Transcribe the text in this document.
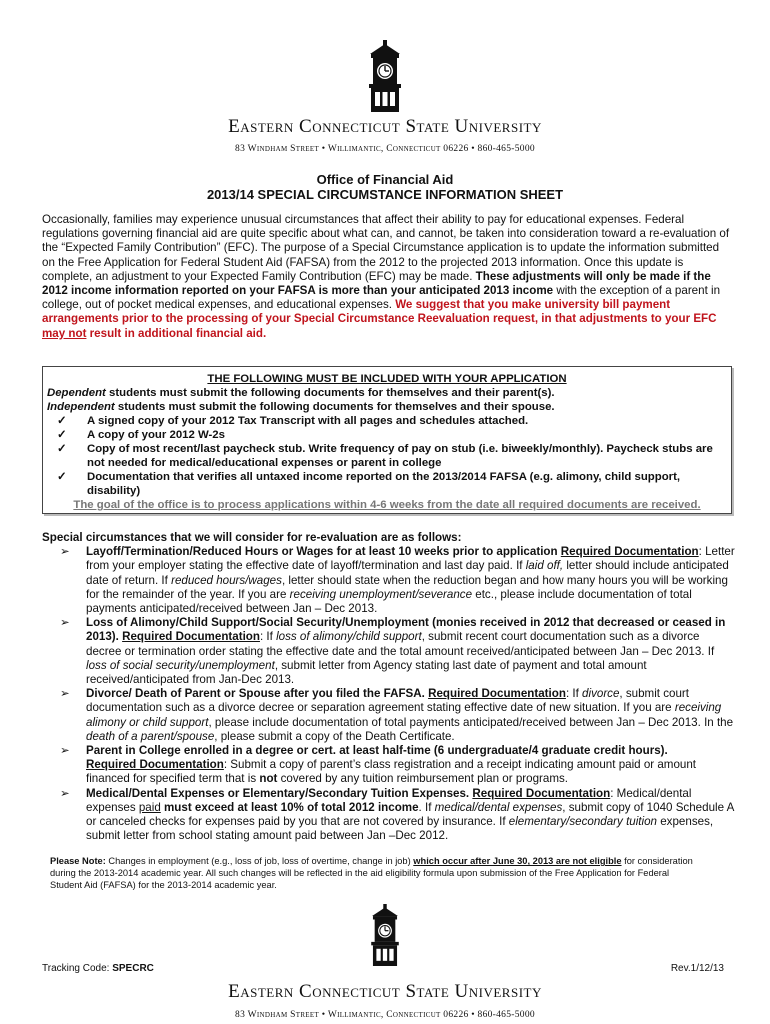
Eastern Connecticut State University
83 Windham Street • Willimantic, Connecticut 06226 • 860-465-5000
Office of Financial Aid
2013/14 SPECIAL CIRCUMSTANCE INFORMATION SHEET
Occasionally, families may experience unusual circumstances that affect their ability to pay for educational expenses. Federal regulations governing financial aid are quite specific about what can, and cannot, be taken into consideration toward a re-evaluation of the “Expected Family Contribution” (EFC). The purpose of a Special Circumstance application is to update the information submitted on the Free Application for Federal Student Aid (FAFSA) from the 2012 to the projected 2013 information. Once this update is complete, an adjustment to your Expected Family Contribution (EFC) may be made. These adjustments will only be made if the 2012 income information reported on your FAFSA is more than your anticipated 2013 income with the exception of a parent in college, out of pocket medical expenses, and educational expenses. We suggest that you make university bill payment arrangements prior to the processing of your Special Circumstance Reevaluation request, in that adjustments to your EFC may not result in additional financial aid.
THE FOLLOWING MUST BE INCLUDED WITH YOUR APPLICATION
Dependent students must submit the following documents for themselves and their parent(s).
Independent students must submit the following documents for themselves and their spouse.
✓	A signed copy of your 2012 Tax Transcript with all pages and schedules attached.
✓	A copy of your 2012 W-2s
✓	Copy of most recent/last paycheck stub. Write frequency of pay on stub (i.e. biweekly/monthly). Paycheck stubs are not needed for medical/educational expenses or parent in college
✓	Documentation that verifies all untaxed income reported on the 2013/2014 FAFSA (e.g. alimony, child support, disability)
The goal of the office is to process applications within 4-6 weeks from the date all required documents are received.
Special circumstances that we will consider for re-evaluation are as follows:
➢	Layoff/Termination/Reduced Hours or Wages for at least 10 weeks prior to application Required Documentation: Letter from your employer stating the effective date of layoff/termination and last day paid. If laid off, letter should include anticipated date of return. If reduced hours/wages, letter should state when the reduction began and how many hours you will be working for the remainder of the year. If you are receiving unemployment/severance etc., please include documentation of total payments anticipated/received between Jan – Dec 2013.
➢	Loss of Alimony/Child Support/Social Security/Unemployment (monies received in 2012 that decreased or ceased in 2013). Required Documentation: If loss of alimony/child support, submit recent court documentation such as a divorce decree or termination order stating the effective date and the total amount received/anticipated between Jan – Dec 2013. If loss of social security/unemployment, submit letter from Agency stating last date of payment and total amount received/anticipated from Jan-Dec 2013.
➢	Divorce/ Death of Parent or Spouse after you filed the FAFSA. Required Documentation: If divorce, submit court documentation such as a divorce decree or separation agreement stating effective date of new situation. If you are receiving alimony or child support, please include documentation of total payments anticipated/received between Jan – Dec 2013. In the death of a parent/spouse, please submit a copy of the Death Certificate.
➢	Parent in College enrolled in a degree or cert. at least half-time (6 undergraduate/4 graduate credit hours).
Required Documentation: Submit a copy of parent’s class registration and a receipt indicating amount paid or amount financed for specified term that is not covered by any tuition reimbursement plan or programs.
➢	Medical/Dental Expenses or Elementary/Secondary Tuition Expenses. Required Documentation: Medical/dental expenses paid must exceed at least 10% of total 2012 income. If medical/dental expenses, submit copy of 1040 Schedule A or canceled checks for expenses paid by you that are not covered by insurance. If elementary/secondary tuition expenses, submit letter from school stating amount paid between Jan –Dec 2012.
Please Note: Changes in employment (e.g., loss of job, loss of overtime, change in job) which occur after June 30, 2013 are not eligible for consideration during the 2013-2014 academic year. All such changes will be reflected in the aid eligibility formula upon submission of the Free Application for Federal Student Aid (FAFSA) for the 2013-2014 academic year.
Tracking Code: SPECRC	Rev.1/12/13
Eastern Connecticut State University
83 Windham Street • Willimantic, Connecticut 06226 • 860-465-5000
